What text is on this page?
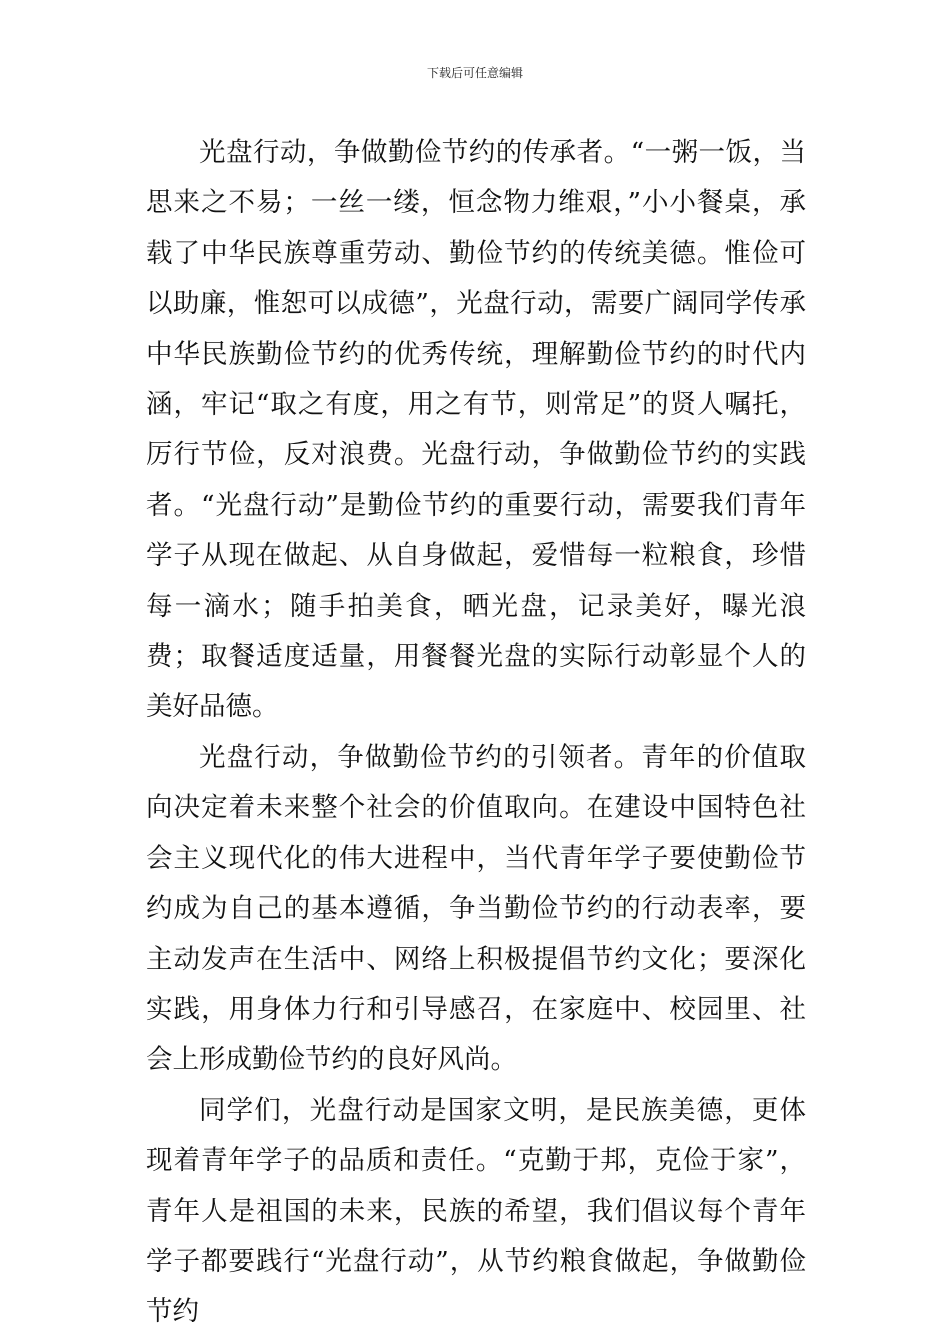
下载后可任意编辑

光盘行动，争做勤俭节约的传承者。“一粥一饭，当思来之不易；一丝一缕，恒念物力维艰，”小小餐桌，承载了中华民族尊重劳动、勤俭节约的传统美德。惟俭可以助廉，惟恕可以成德”，光盘行动，需要广阔同学传承中华民族勤俭节约的优秀传统，理解勤俭节约的时代内涵，牢记“取之有度，用之有节，则常足”的贤人嘱托，厉行节俭，反对浪费。光盘行动，争做勤俭节约的实践者。“光盘行动”是勤俭节约的重要行动，需要我们青年学子从现在做起、从自身做起，爱惜每一粒粮食，珍惜每一滴水；随手拍美食，晒光盘，记录美好，曝光浪费；取餐适度适量，用餐餐光盘的实际行动彰显个人的美好品德。

光盘行动，争做勤俭节约的引领者。青年的价值取向决定着未来整个社会的价值取向。在建设中国特色社会主义现代化的伟大进程中，当代青年学子要使勤俭节约成为自己的基本遵循，争当勤俭节约的行动表率，要主动发声在生活中、网络上积极提倡节约文化；要深化实践，用身体力行和引导感召，在家庭中、校园里、社会上形成勤俭节约的良好风尚。

同学们，光盘行动是国家文明，是民族美德，更体现着青年学子的品质和责任。“克勤于邦，克俭于家”，青年人是祖国的未来，民族的希望，我们倡议每个青年学子都要践行“光盘行动”，从节约粮食做起，争做勤俭节约
